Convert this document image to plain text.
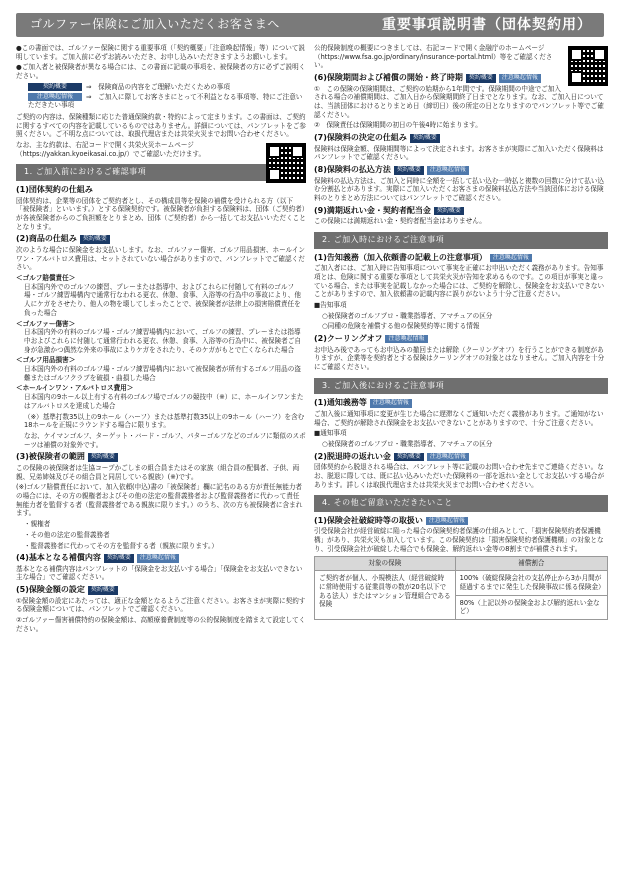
ゴルファー保険にご加入いただくお客さまへ	重要事項説明書（団体契約用）

●この書面では、ゴルファー保険に関する重要事項（「契約概要」「注意喚起情報」等）について説明しています。ご加入前に必ずお読みいただき、お申し込みいただきますようお願いします。

●ご加入者と被保険者が異なる場合には、この書面に記載の事項を、被保険者の方に必ずご説明ください。

契約概要	⇒　保険商品の内容をご理解いただくための事項
注意喚起情報 ⇒　ご加入に際してお客さまにとって不利益となる事項等、特にご注意いただきたい事項

ご契約の内容は、保険種類に応じた普通保険約款・特約によって定まります。この書面は、ご契約に関するすべての内容を記載しているものではありません。詳細については、パンフレットをご参照ください。ご不明な点については、取扱代理店または共栄火災までお問い合わせください。

なお、主な約款は、右記コードで開く共栄火災ホームページ（https://yakkan.kyoeikasai.co.jp/）でご確認いただけます。

1. ご加入前におけるご確認事項
(1)団体契約の仕組み

団体契約は、企業等の団体をご契約者とし、その構成員等を保険の補償を受けられる方（以下「被保険者」といいます。）とする保険契約です。被保険者が負担する保険料は、団体（ご契約者）が各被保険者からのご負担額をとりまとめ、団体（ご契約者）から一括してお支払いいただくこととなります。

(2)商品の仕組み 契約概要

次のような場合に保険金をお支払いします。なお、ゴルファー傷害、ゴルフ用品損害、ホールインワン・アルバトロス費用は、セットされていない場合がありますので、パンフレットでご確認ください。

＜ゴルフ賠償責任＞

日本国内外でのゴルフの練習、プレーまたは指導中、およびこれらに付随して有料のゴルフ場・ゴルフ練習場構内で通常行なわれる更衣、休憩、食事、入浴等の行為中の事故により、他人にケガをさせたり、他人の物を壊してしまったことで、被保険者が法律上の損害賠償責任を負った場合

＜ゴルファー傷害＞

日本国内外の有料のゴルフ場・ゴルフ練習場構内において、ゴルフの練習、プレーまたは指導中およびこれらに付随して通常行われる更衣、休憩、食事、入浴等の行為中に、被保険者ご自身が急激かつ偶然な外来の事故によりケガをされたり、そのケガがもとで亡くなられた場合

＜ゴルフ用品損害＞

日本国内外の有料のゴルフ場・ゴルフ練習場構内において被保険者が所有するゴルフ用品の盗難またはゴルフクラブを破損・曲損した場合

＜ホールインワン・アルバトロス費用＞

日本国内の9ホール以上有する有料のゴルフ場でゴルフの競技中（※）に、ホールインワンまたはアルバトロスを達成した場合

（※）基準打数35以上の9ホール（ハーフ）または基準打数35以上の9ホール（ハーフ）を含む18ホールを正規にラウンドする場合に限ります。

なお、ケイマンゴルフ、ターゲット・バード・ゴルフ、パターゴルフなどのゴルフに類似のスポーツは補償の対象外です。

(3)被保険者の範囲 契約概要

この保険の被保険者は生協コープかごしまの組合員またはその家族（組合員の配偶者、子供、両親、兄弟姉妹及びその組合員と同居している親族）(※)です。

(※)ゴルフ賠償責任において、加入依頼(申込)書の「被保険者」欄に記名のある方が責任無能力者の場合には、その方の親権者およびその他の法定の監督義務者および監督義務者に代わって責任無能力者を監督する者（監督義務者である親族に限ります。）のうち、次の方も被保険者に含まれます。

・親権者

・その他の法定の監督義務者

・監督義務者に代わってその方を監督する者（親族に限ります。）

(4)基本となる補償内容 契約概要 注意喚起情報

基本となる補償内容はパンフレットの「保険金をお支払いする場合」「保険金をお支払いできない主な場合」でご確認ください。

(5)保険金額の設定 契約概要

①保険金額の設定にあたっては、適正な金額となるようご注意ください。お客さまが実際に契約する保険金額については、パンフレットでご確認ください。

②ゴルファー傷害補償特約の保険金額は、高額療養費制度等の公的保険制度を踏まえて設定してください。

公的保険制度の概要につきましては、右記コードで開く金融庁のホームページ（https://www.fsa.go.jp/ordinary/insurance-portal.html）等をご確認ください。

(6)保険期間および補償の開始・終了時期 契約概要 注意喚起情報

①　この保険の保険期間は、ご契約の始期から1年間です。保険期間の中途でご加入される場合の補償期間は、ご加入日から保険期間終了日までとなります。なお、ご加入日については、当該団体におけるとりまとめ日（締切日）後の所定の日となりますのでパンフレット等でご確認ください。

②　保険責任は保険期間の初日の午後4時に始まります。

(7)保険料の決定の仕組み 契約概要

保険料は保険金額、保険期間等によって決定されます。お客さまが実際にご加入いただく保険料はパンフレットでご確認ください。

(8)保険料の払込方法 契約概要 注意喚起情報

保険料の払込方法は、ご加入と同時に全額を一括して払い込む一時払と複数の回数に分けて払い込む分割払とがあります。実際にご加入いただくお客さまの保険料払込方法や当該団体における保険料のとりまとめ方法についてはパンフレットでご確認ください。

(9)満期返れい金・契約者配当金 契約概要

この保険には満期返れい金・契約者配当金はありません。

2. ご加入時におけるご注意事項
(1)告知義務（加入依頼書の記載上の注意事項） 注意喚起情報

ご加入者には、ご加入時に告知事項について事実を正確にお申出いただく義務があります。告知事項とは、危険に関する重要な事項として共栄火災が告知を求めるものです。この項目が事実と違っている場合、または事実を記載しなかった場合には、ご契約を解除し、保険金をお支払いできないことがありますので、加入依頼書の記載内容に誤りがないよう十分ご注意ください。

■告知事項

○被保険者のゴルフプロ・職業指導者、アマチュアの区分

○同種の危険を補償する他の保険契約等に関する情報

(2)クーリングオフ 注意喚起情報

お申込み後であってもお申込みの撤回または解除（クーリングオフ）を行うことができる制度がありますが、企業等を契約者とする保険はクーリングオフの対象とはなりません。ご加入内容を十分にご確認ください。

3. ご加入後におけるご注意事項
(1)通知義務等 注意喚起情報

ご加入後に通知事項に変更が生じた場合に遅滞なくご通知いただく義務があります。ご通知がない場合、ご契約が解除され保険金をお支払いできないことがありますので、十分ご注意ください。

■通知事項

○被保険者のゴルフプロ・職業指導者、アマチュアの区分

(2)脱退時の返れい金 契約概要 注意喚起情報

団体契約から脱退される場合は、パンフレット等に記載のお問い合わせ先までご連絡ください。なお、脱退に際しては、既に払い込みいただいた保険料の一部を返れい金としてお支払いする場合があります。詳しくは取扱代理店または共栄火災までお問い合わせください。

4. その他ご留意いただきたいこと
(1)保険会社破綻時等の取扱い 注意喚起情報

引受保険会社が経営破綻に陥った場合の保険契約者保護の仕組みとして、「損害保険契約者保護機構」があり、共栄火災も加入しています。この保険契約は「損害保険契約者保護機構」の対象となり、引受保険会社が破綻した場合でも保険金、解約返れい金等の8割までが補償されます。

対象の保険	補償割合
ご契約者が個人、小規模法人（経営破綻時に常時使用する従業員等の数が20名以下である法人）またはマンション管理組合である保険	100%（破綻保険会社の支払停止から3か月間が経過するまでに発生した保険事故に係る保険金）
	80%（上記以外の保険金および解約返れい金など）
